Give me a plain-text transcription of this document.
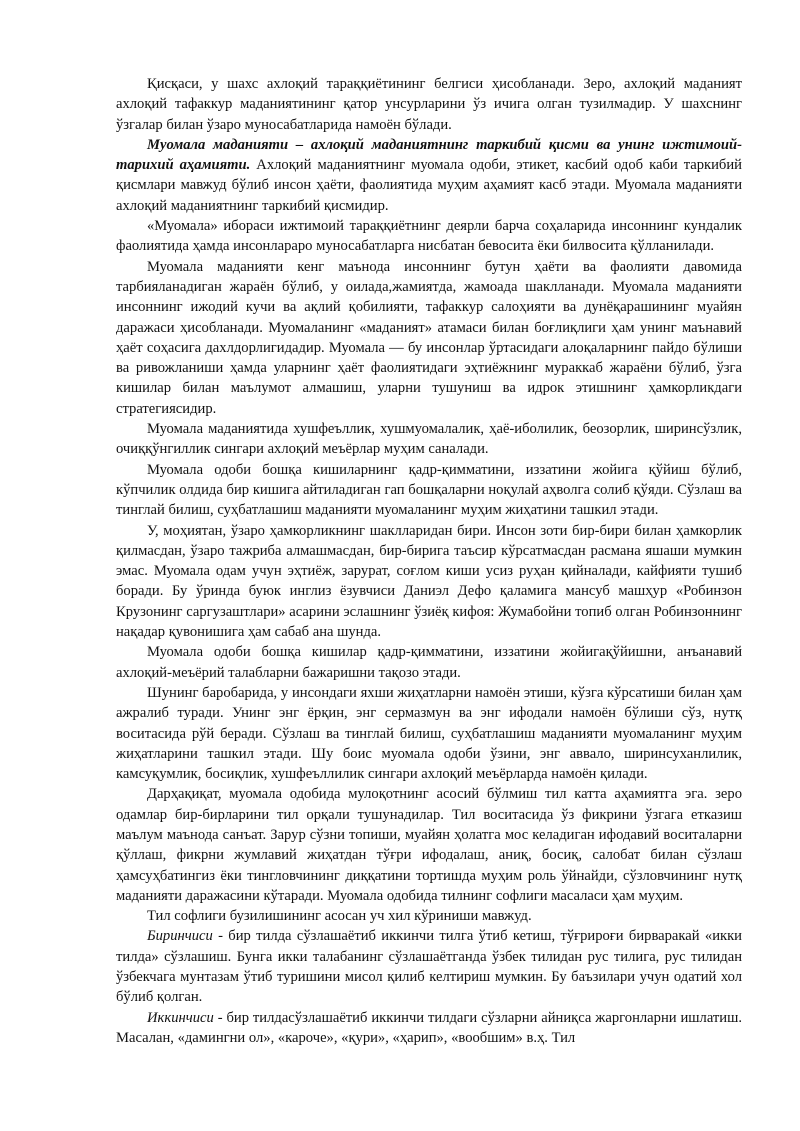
Қисқаси, у шахс ахлоқий тараққиётининг белгиси ҳисобланади. Зеро, ахлоқий маданият ахлоқий тафаккур маданиятининг қатор унсурларини ўз ичига олган тузилмадир. У шахснинг ўзгалар билан ўзаро муносабатларида намоён бўлади.

Муомала маданияти – ахлоқий маданиятнинг таркибий қисми ва унинг ижтимоий-тарихий аҳамияти. Ахлоқий маданиятнинг муомала одоби, этикет, касбий одоб каби таркибий қисмлари мавжуд бўлиб инсон ҳаёти, фаолиятида муҳим аҳамият касб этади. Муомала маданияти ахлоқий маданиятнинг таркибий қисмидир.

«Муомала» ибораси ижтимоий тараққиётнинг деярли барча соҳаларида инсоннинг кундалик фаолиятида ҳамда инсонлараро муносабатларга нисбатан бевосита ёки билвосита қўлланилади.

Муомала маданияти кенг маънода инсоннинг бутун ҳаёти ва фаолияти давомида тарбияланадиган жараён бўлиб, у оилада,жамиятда, жамоада шаклланади. Муомала маданияти инсоннинг ижодий кучи ва ақлий қобилияти, тафаккур салоҳияти ва дунёқарашининг муайян даражаси ҳисобланади. Муомаланинг «маданият» атамаси билан боғлиқлиги ҳам унинг маънавий ҳаёт соҳасига дахлдорлигидадир. Муомала — бу инсонлар ўртасидаги алоқаларнинг пайдо бўлиши ва ривожланиши ҳамда уларнинг ҳаёт фаолиятидаги эҳтиёжнинг мураккаб жараёни бўлиб, ўзга кишилар билан маълумот алмашиш, уларни тушуниш ва идрок этишнинг ҳамкорликдаги стратегиясидир.

Муомала маданиятида хушфеъллик, хушмуомалалик, ҳаё-иболилик, беозорлик, ширинсўзлик, очиққўнгиллик сингари ахлоқий меъёрлар муҳим саналади.

Муомала одоби бошқа кишиларнинг қадр-қимматини, иззатини жойига қўйиш бўлиб, кўпчилик олдида бир кишига айтиладиган гап бошқаларни ноқулай аҳволга солиб қўяди. Сўзлаш ва тинглай билиш, суҳбатлашиш маданияти муомаланинг муҳим жиҳатини ташкил этади.

У, моҳиятан, ўзаро ҳамкорликнинг шаклларидан бири. Инсон зоти бир-бири билан ҳамкорлик қилмасдан, ўзаро тажриба алмашмасдан, бир-бирига таъсир кўрсатмасдан расмана яшаши мумкин эмас. Муомала одам учун эҳтиёж, зарурат, соғлом киши усиз руҳан қийналади, кайфияти тушиб боради. Бу ўринда буюк инглиз ёзувчиси Даниэл Дефо қаламига мансуб машҳур «Робинзон Крузонинг саргузаштлари» асарини эслашнинг ўзиёқ кифоя: Жумабойни топиб олган Робинзоннинг нақадар қувонишига ҳам сабаб ана шунда.

Муомала одоби бошқа кишилар қадр-қимматини, иззатини жойигақўйишни, анъанавий ахлоқий-меъёрий талабларни бажаришни тақозо этади.

Шунинг баробарида, у инсондаги яхши жиҳатларни намоён этиши, кўзга кўрсатиши билан ҳам ажралиб туради. Унинг энг ёрқин, энг сермазмун ва энг ифодали намоён бўлиши сўз, нутқ воситасида рўй беради. Сўзлаш ва тинглай билиш, суҳбатлашиш маданияти муомаланинг муҳим жиҳатларини ташкил этади. Шу боис муомала одоби ўзини, энг аввало, ширинсуханлилик, камсуқумлик, босиқлик, хушфеъллилик сингари ахлоқий меъёрларда намоён қилади.

Дарҳақиқат, муомала одобида мулоқотнинг асосий бўлмиш тил катта аҳамиятга эга. зеро одамлар бир-бирларини тил орқали тушунадилар. Тил воситасида ўз фикрини ўзгага етказиш маълум маънода санъат. Зарур сўзни топиши, муайян ҳолатга мос келадиган ифодавий воситаларни қўллаш, фикрни жумлавий жиҳатдан тўғри ифодалаш, аниқ, босиқ, салобат билан сўзлаш ҳамсуҳбатингиз ёки тингловчининг диққатини тортишда муҳим роль ўйнайди, сўзловчининг нутқ маданияти даражасини кўтаради. Муомала одобида тилнинг софлиги масаласи ҳам муҳим.

Тил софлиги бузилишининг асосан уч хил кўриниши мавжуд.

Биринчиси - бир тилда сўзлашаётиб иккинчи тилга ўтиб кетиш, тўғрироғи бирваракай «икки тилда» сўзлашиш. Бунга икки талабанинг сўзлашаётганда ўзбек тилидан рус тилига, рус тилидан ўзбекчага мунтазам ўтиб туришини мисол қилиб келтириш мумкин. Бу баъзилари учун одатий хол бўлиб қолган.

Иккинчиси - бир тилдасўзлашаётиб иккинчи тилдаги сўзларни айниқса жаргонларни ишлатиш. Масалан, «дамингни ол», «кароче», «қури», «ҳарип», «вообшим» в.ҳ. Тил
